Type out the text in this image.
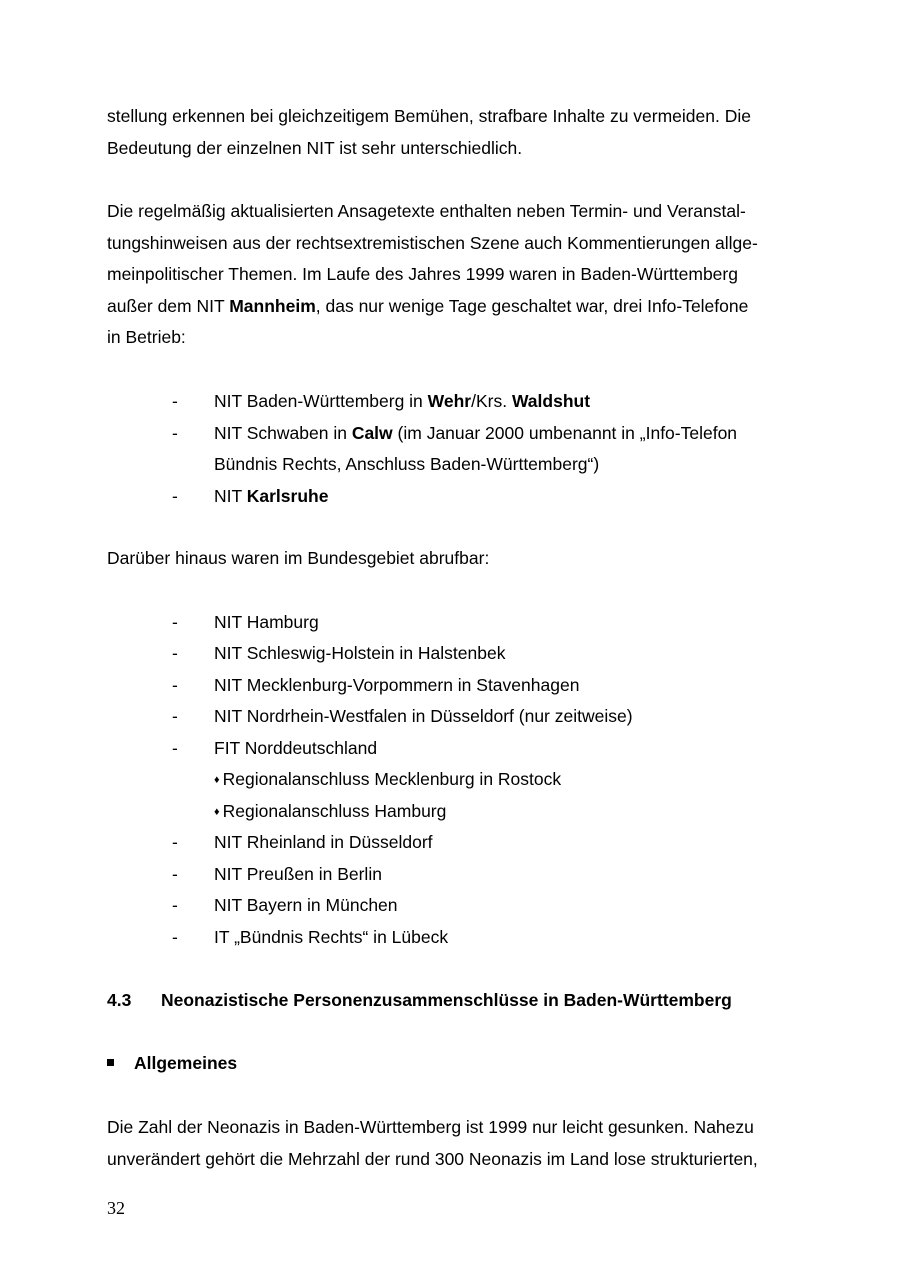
stellung erkennen bei gleichzeitigem Bemühen, strafbare Inhalte zu vermeiden. Die
Bedeutung der einzelnen NIT ist sehr unterschiedlich.

Die regelmäßig aktualisierten Ansagetexte enthalten neben Termin- und Veranstal-
tungshinweisen aus der rechtsextremistischen Szene auch Kommentierungen allge-
meinpolitischer Themen. Im Laufe des Jahres 1999 waren in Baden-Württemberg
außer dem NIT Mannheim, das nur wenige Tage geschaltet war, drei Info-Telefone
in Betrieb:

- NIT Baden-Württemberg in Wehr/Krs. Waldshut
- NIT Schwaben in Calw (im Januar 2000 umbenannt in „Info-Telefon
Bündnis Rechts, Anschluss Baden-Württemberg“)
- NIT Karlsruhe

Darüber hinaus waren im Bundesgebiet abrufbar:

- NIT Hamburg
- NIT Schleswig-Holstein in Halstenbek
- NIT Mecklenburg-Vorpommern in Stavenhagen
- NIT Nordrhein-Westfalen in Düsseldorf (nur zeitweise)
- FIT Norddeutschland
♦ Regionalanschluss Mecklenburg in Rostock
♦ Regionalanschluss Hamburg
- NIT Rheinland in Düsseldorf
- NIT Preußen in Berlin
- NIT Bayern in München
- IT „Bündnis Rechts“ in Lübeck
4.3 Neonazistische Personenzusammenschlüsse in Baden-Württemberg
Allgemeines

Die Zahl der Neonazis in Baden-Württemberg ist 1999 nur leicht gesunken. Nahezu
unverändert gehört die Mehrzahl der rund 300 Neonazis im Land lose strukturierten,

32
